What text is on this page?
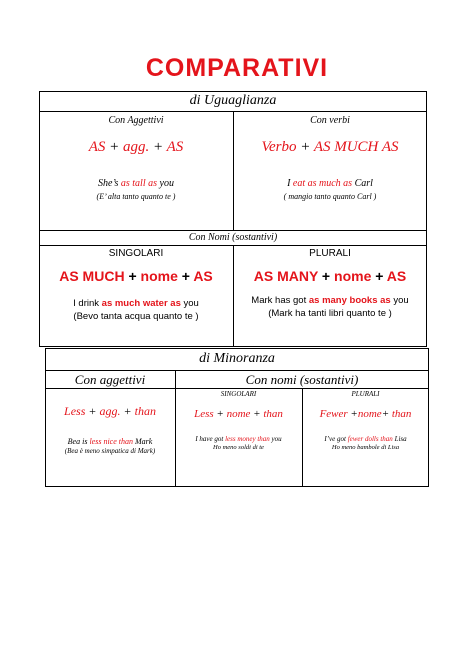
COMPARATIVI
di Uguaglianza
Con Aggettivi
AS + agg. + AS
She’s as tall as you
(E’ alta tanto quanto te )
Con verbi
Verbo + AS MUCH AS
I eat as much as Carl
( mangio tanto quanto Carl )
Con Nomi (sostantivi)
SINGOLARI
AS MUCH + nome + AS
I drink as much water as you
(Bevo tanta acqua quanto te )
PLURALI
AS MANY + nome + AS
Mark has got as many books as you
(Mark ha tanti libri quanto te )
di Minoranza
Con aggettivi
Less + agg. + than
Bea is less nice than Mark
(Bea è meno simpatica di Mark)
Con nomi (sostantivi)
SINGOLARI
Less + nome + than
I have got less money than you
Ho meno soldi di te
PLURALI
Fewer +nome+ than
I’ve got fewer dolls than Lisa
Ho meno bambole di Lisa
